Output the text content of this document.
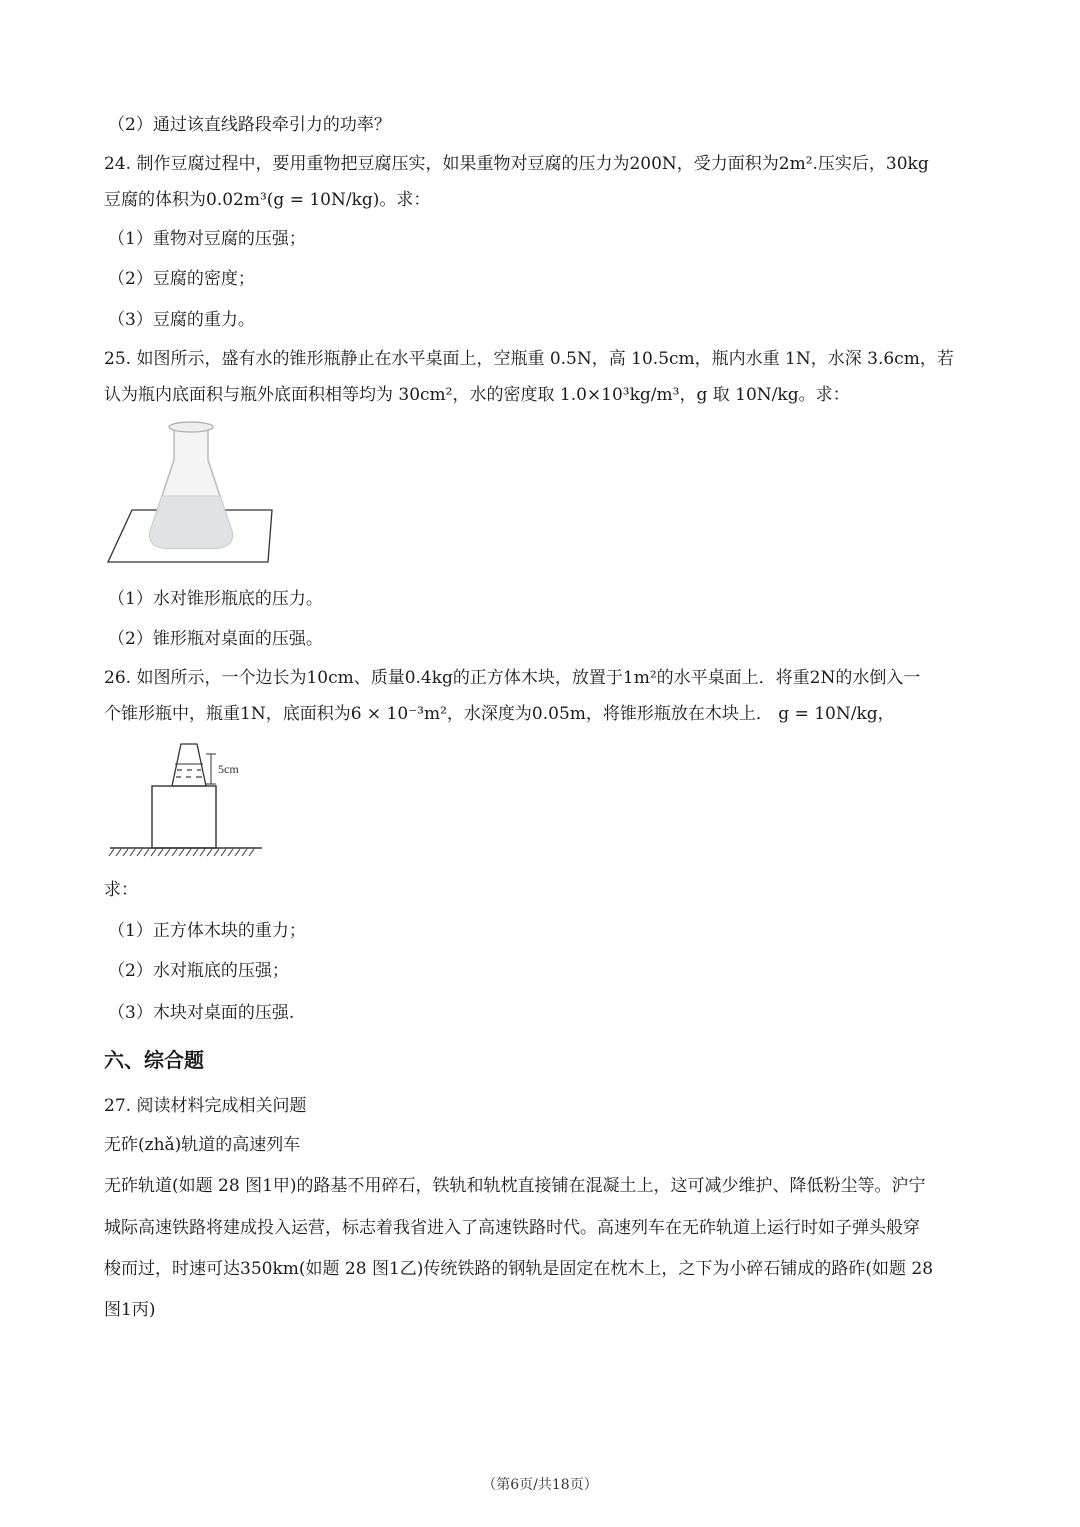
（2）通过该直线路段牵引力的功率？
24. 制作豆腐过程中，要用重物把豆腐压实，如果重物对豆腐的压力为200N，受力面积为2m².压实后，30kg
豆腐的体积为0.02m³(g = 10N/kg)。求：
（1）重物对豆腐的压强；
（2）豆腐的密度；
（3）豆腐的重力。
25. 如图所示，盛有水的锥形瓶静止在水平桌面上，空瓶重 0.5N，高 10.5cm，瓶内水重 1N，水深 3.6cm，若
认为瓶内底面积与瓶外底面积相等均为 30cm²，水的密度取 1.0×10³kg/m³，g 取 10N/kg。求：
（1）水对锥形瓶底的压力。
（2）锥形瓶对桌面的压强。
26. 如图所示，一个边长为10cm、质量0.4kg的正方体木块，放置于1m²的水平桌面上．将重2N的水倒入一
个锥形瓶中，瓶重1N，底面积为6 × 10⁻³m²，水深度为0.05m，将锥形瓶放在木块上． g = 10N/kg，
5cm
求：
（1）正方体木块的重力；
（2）水对瓶底的压强；
（3）木块对桌面的压强.
六、综合题
27. 阅读材料完成相关问题
无砟(zhǎ)轨道的高速列车
无砟轨道(如题 28 图1甲)的路基不用碎石，铁轨和轨枕直接铺在混凝土上，这可减少维护、降低粉尘等。沪宁
城际高速铁路将建成投入运营，标志着我省进入了高速铁路时代。高速列车在无砟轨道上运行时如子弹头般穿
梭而过，时速可达350km(如题 28 图1乙)传统铁路的钢轨是固定在枕木上，之下为小碎石铺成的路砟(如题 28
图1丙)
（第6页/共18页）
